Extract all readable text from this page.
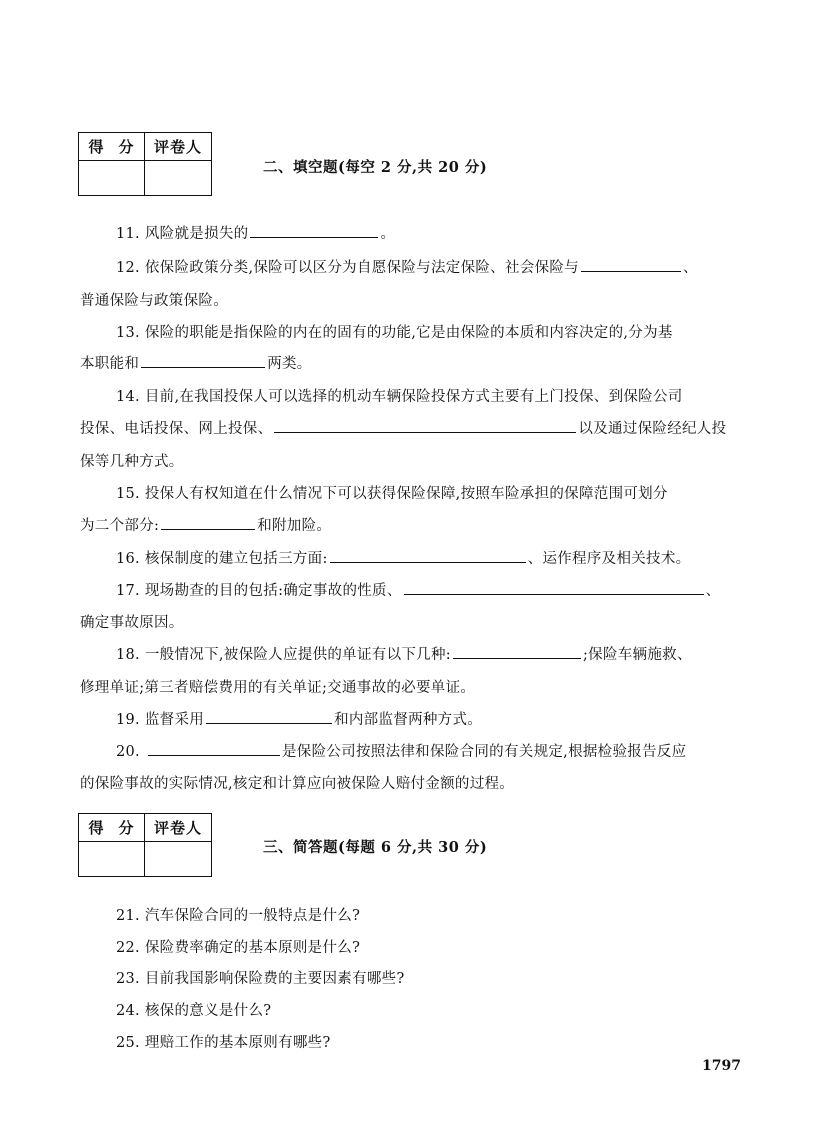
得 分	评卷人
二、填空题(每空 2 分,共 20 分)
11. 风险就是损失的	。
12. 依保险政策分类,保险可以区分为自愿保险与法定保险、社会保险与	、
普通保险与政策保险。
13. 保险的职能是指保险的内在的固有的功能,它是由保险的本质和内容决定的,分为基
本职能和	两类。
14. 目前,在我国投保人可以选择的机动车辆保险投保方式主要有上门投保、到保险公司
投保、电话投保、网上投保、	以及通过保险经纪人投
保等几种方式。
15. 投保人有权知道在什么情况下可以获得保险保障,按照车险承担的保障范围可划分
为二个部分:	和附加险。
16. 核保制度的建立包括三方面:	、运作程序及相关技术。
17. 现场勘查的目的包括:确定事故的性质、	、
确定事故原因。
18. 一般情况下,被保险人应提供的单证有以下几种:	;保险车辆施救、
修理单证;第三者赔偿费用的有关单证;交通事故的必要单证。
19. 监督采用	和内部监督两种方式。
20.	是保险公司按照法律和保险合同的有关规定,根据检验报告反应
的保险事故的实际情况,核定和计算应向被保险人赔付金额的过程。
得 分	评卷人
三、简答题(每题 6 分,共 30 分)
21. 汽车保险合同的一般特点是什么?
22. 保险费率确定的基本原则是什么?
23. 目前我国影响保险费的主要因素有哪些?
24. 核保的意义是什么?
25. 理赔工作的基本原则有哪些?
1797
